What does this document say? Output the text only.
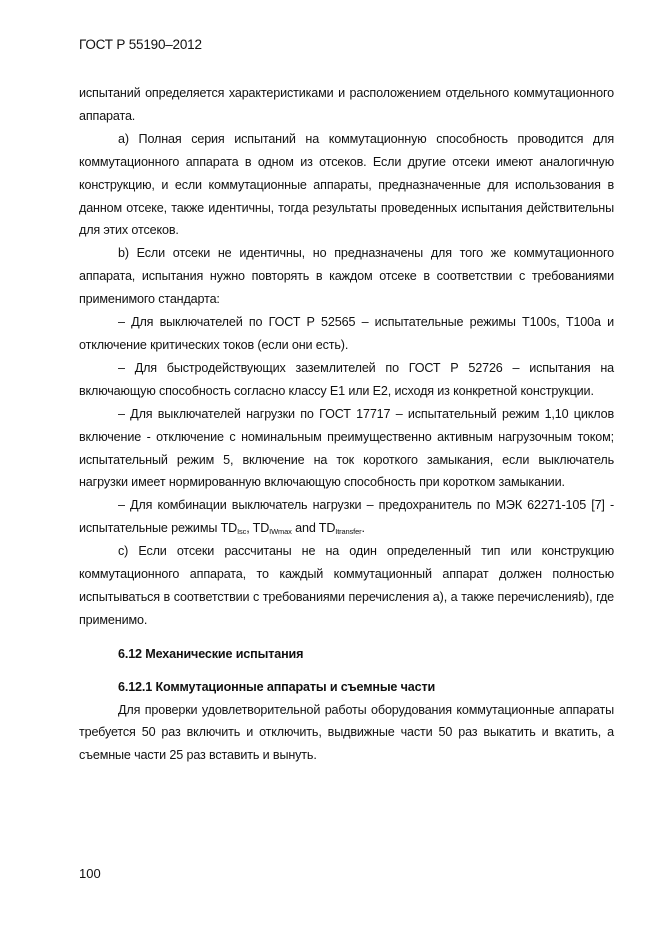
ГОСТ Р 55190–2012

испытаний определяется характеристиками и расположением отдельного коммутационного аппарата.

a) Полная серия испытаний на коммутационную способность проводится для коммутационного аппарата в одном из отсеков. Если другие отсеки имеют аналогичную конструкцию, и если коммутационные аппараты, предназначенные для использования в данном отсеке, также идентичны, тогда результаты проведенных испытания действительны для этих отсеков.

b) Если отсеки не идентичны, но предназначены для того же коммутационного аппарата, испытания нужно повторять в каждом отсеке в соответствии с требованиями применимого стандарта:

– Для выключателей по ГОСТ Р 52565 – испытательные режимы Т100s, Т100a и отключение критических токов (если они есть).

– Для быстродействующих заземлителей по ГОСТ Р 52726 – испытания на включающую способность согласно классу Е1 или Е2, исходя из конкретной конструкции.

– Для выключателей нагрузки по ГОСТ 17717 – испытательный режим 1,10 циклов включение - отключение с номинальным преимущественно активным нагрузочным током; испытательный режим 5, включение на ток короткого замыкания, если выключатель нагрузки имеет нормированную включающую способность при коротком замыкании.

– Для комбинации выключатель нагрузки – предохранитель по МЭК 62271-105 [7] - испытательные режимы $TD_{Isc}$, $TD_{IWmax}$ and $TD_{Itransfer}$.

c) Если отсеки рассчитаны не на один определенный тип или конструкцию коммутационного аппарата, то каждый коммутационный аппарат должен полностью испытываться в соответствии с требованиями перечисления а), а также перечисленияb), где применимо.

6.12 Механические испытания

6.12.1 Коммутационные аппараты и съемные части

Для проверки удовлетворительной работы оборудования коммутационные аппараты требуется 50 раз включить и отключить, выдвижные части 50 раз выкатить и вкатить, а съемные части 25 раз вставить и вынуть.

100
